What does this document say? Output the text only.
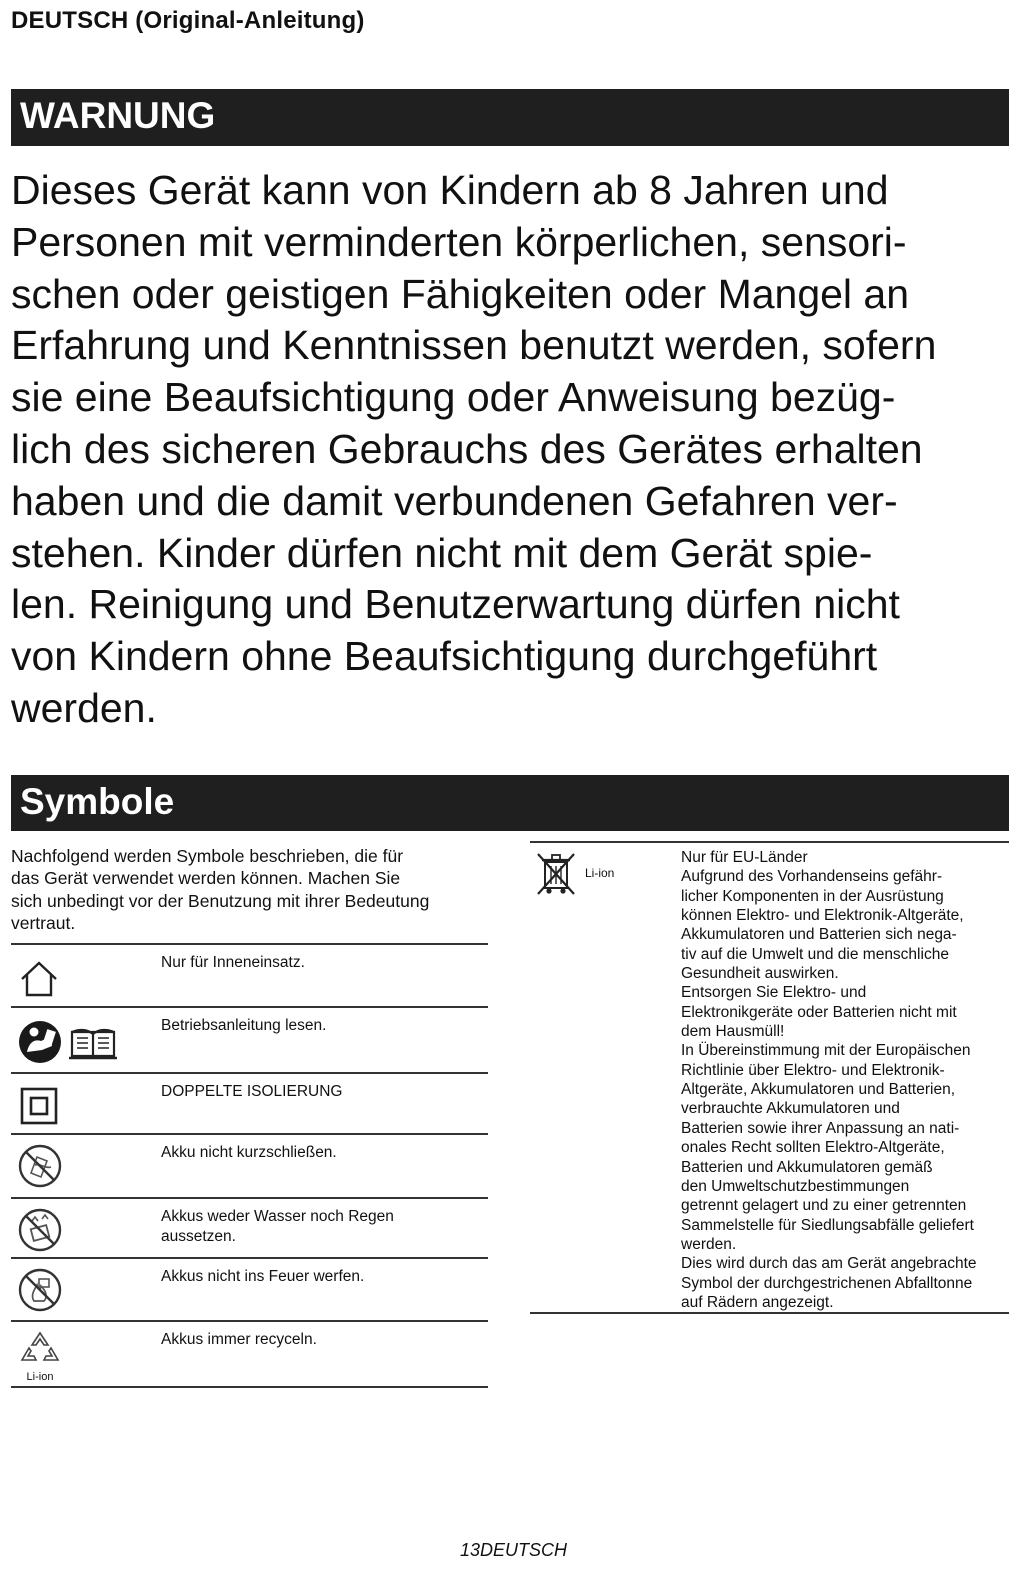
DEUTSCH (Original-Anleitung)
WARNUNG

Dieses Gerät kann von Kindern ab 8 Jahren und
Personen mit verminderten körperlichen, sensori-
schen oder geistigen Fähigkeiten oder Mangel an
Erfahrung und Kenntnissen benutzt werden, sofern
sie eine Beaufsichtigung oder Anweisung bezüg-
lich des sicheren Gebrauchs des Gerätes erhalten
haben und die damit verbundenen Gefahren ver-
stehen. Kinder dürfen nicht mit dem Gerät spie-
len. Reinigung und Benutzerwartung dürfen nicht
von Kindern ohne Beaufsichtigung durchgeführt
werden.

Symbole

Nachfolgend werden Symbole beschrieben, die für
das Gerät verwendet werden können. Machen Sie
sich unbedingt vor der Benutzung mit ihrer Bedeutung
vertraut.

Nur für Inneneinsatz.
Betriebsanleitung lesen.
DOPPELTE ISOLIERUNG
Akku nicht kurzschließen.
Akkus weder Wasser noch Regen aussetzen.
Akkus nicht ins Feuer werfen.
Li-ion
Akkus immer recyceln.
Li-ion

Nur für EU-Länder

Aufgrund des Vorhandenseins gefähr-

licher Komponenten in der Ausrüstung

können Elektro- und Elektronik-Altgeräte,

Akkumulatoren und Batterien sich nega-

tiv auf die Umwelt und die menschliche

Gesundheit auswirken.

Entsorgen Sie Elektro- und

Elektronikgeräte oder Batterien nicht mit

dem Hausmüll!

In Übereinstimmung mit der Europäischen

Richtlinie über Elektro- und Elektronik-

Altgeräte, Akkumulatoren und Batterien,

verbrauchte Akkumulatoren und

Batterien sowie ihrer Anpassung an nati-

onales Recht sollten Elektro-Altgeräte,

Batterien und Akkumulatoren gemäß

den Umweltschutzbestimmungen

getrennt gelagert und zu einer getrennten

Sammelstelle für Siedlungsabfälle geliefert

werden.

Dies wird durch das am Gerät angebrachte

Symbol der durchgestrichenen Abfalltonne

auf Rädern angezeigt.

13DEUTSCH
